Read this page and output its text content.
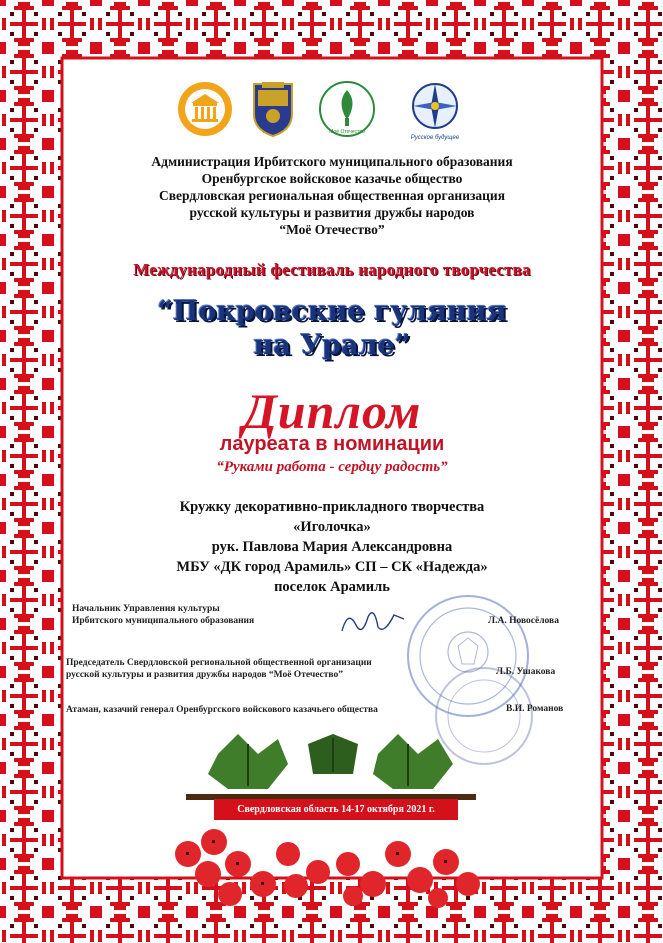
Моё Отечество
Русское будущее
Администрация Ирбитского муниципального образования
Оренбургское войсковое казачье общество
Свердловская региональная общественная организация
русской культуры и развития дружбы народов
“Моё Отечество”
Международный фестиваль народного творчества
“Покровские гуляния
на Урале”
Диплом
лауреата в номинации
“Руками работа - сердцу радость”
Кружку декоративно-прикладного творчества
«Иголочка»
рук. Павлова Мария Александровна
МБУ «ДК город Арамиль» СП – СК «Надежда»
поселок Арамиль
Начальник Управления культуры
Ирбитского муниципального образования	Л.А. Новосёлова
Председатель Свердловской региональной общественной организации
русской культуры и развития дружбы народов “Моё Отечество”	Л.Б. Ушакова
Атаман, казачий генерал Оренбургского войскового казачьего общества	В.И. Романов
Свердловская область 14-17 октября 2021 г.
